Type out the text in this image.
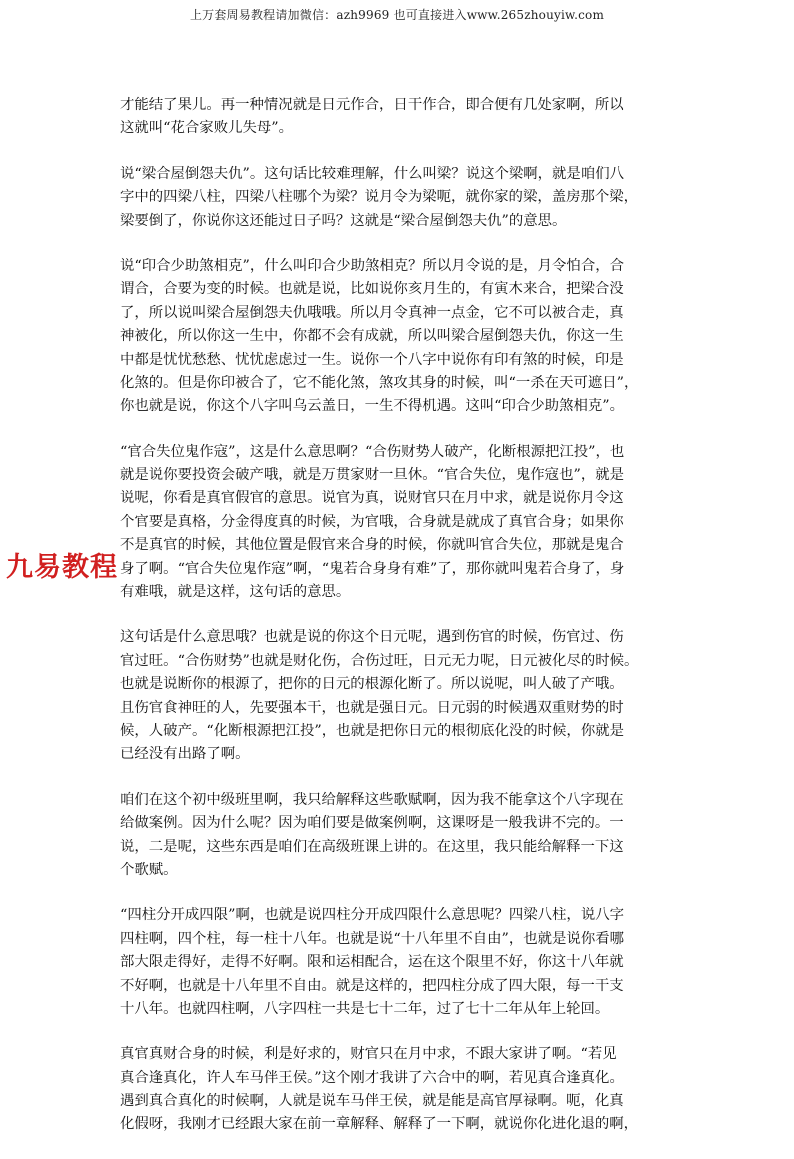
上万套周易教程请加微信：azh9969 也可直接进入www.265zhouyiw.com
九易教程
才能结了果儿。再一种情况就是日元作合，日干作合，即合便有几处家啊，所以
这就叫“花合家败儿失母”。
说“梁合屋倒怨夫仇”。这句话比较难理解，什么叫梁？说这个梁啊，就是咱们八
字中的四梁八柱，四梁八柱哪个为梁？说月令为梁呃，就你家的梁，盖房那个梁，
梁要倒了，你说你这还能过日子吗？这就是“梁合屋倒怨夫仇”的意思。
说“印合少助煞相克”，什么叫印合少助煞相克？所以月令说的是，月令怕合，合
谓合，合要为变的时候。也就是说，比如说你亥月生的，有寅木来合，把梁合没
了，所以说叫梁合屋倒怨夫仇哦哦。所以月令真神一点金，它不可以被合走，真
神被化，所以你这一生中，你都不会有成就，所以叫梁合屋倒怨夫仇，你这一生
中都是忧忧愁愁、忧忧虑虑过一生。说你一个八字中说你有印有煞的时候，印是
化煞的。但是你印被合了，它不能化煞，煞攻其身的时候，叫“一杀在天可遮日”，
你也就是说，你这个八字叫乌云盖日，一生不得机遇。这叫“印合少助煞相克”。
“官合失位鬼作寇”，这是什么意思啊？“合伤财势人破产，化断根源把江投”，也
就是说你要投资会破产哦，就是万贯家财一旦休。“官合失位，鬼作寇也”，就是
说呢，你看是真官假官的意思。说官为真，说财官只在月中求，就是说你月令这
个官要是真格，分金得度真的时候，为官哦，合身就是就成了真官合身；如果你
不是真官的时候，其他位置是假官来合身的时候，你就叫官合失位，那就是鬼合
身了啊。“官合失位鬼作寇”啊，“鬼若合身身有难”了，那你就叫鬼若合身了，身
有难哦，就是这样，这句话的意思。
这句话是什么意思哦？也就是说的你这个日元呢，遇到伤官的时候，伤官过、伤
官过旺。“合伤财势”也就是财化伤，合伤过旺，日元无力呢，日元被化尽的时候。
也就是说断你的根源了，把你的日元的根源化断了。所以说呢，叫人破了产哦。
且伤官食神旺的人，先要强本干，也就是强日元。日元弱的时候遇双重财势的时
候，人破产。“化断根源把江投”，也就是把你日元的根彻底化没的时候，你就是
已经没有出路了啊。
咱们在这个初中级班里啊，我只给解释这些歌赋啊，因为我不能拿这个八字现在
给做案例。因为什么呢？因为咱们要是做案例啊，这课呀是一般我讲不完的。一
说，二是呢，这些东西是咱们在高级班课上讲的。在这里，我只能给解释一下这
个歌赋。
“四柱分开成四限”啊，也就是说四柱分开成四限什么意思呢？四梁八柱，说八字
四柱啊，四个柱，每一柱十八年。也就是说“十八年里不自由”，也就是说你看哪
部大限走得好，走得不好啊。限和运相配合，运在这个限里不好，你这十八年就
不好啊，也就是十八年里不自由。就是这样的，把四柱分成了四大限，每一干支
十八年。也就四柱啊，八字四柱一共是七十二年，过了七十二年从年上轮回。
真官真财合身的时候，利是好求的，财官只在月中求，不跟大家讲了啊。“若见
真合逢真化，许人车马伴王侯。”这个刚才我讲了六合中的啊，若见真合逢真化。
遇到真合真化的时候啊，人就是说车马伴王侯，就是能是高官厚禄啊。呃，化真
化假呀，我刚才已经跟大家在前一章解释、解释了一下啊，就说你化进化退的啊，
